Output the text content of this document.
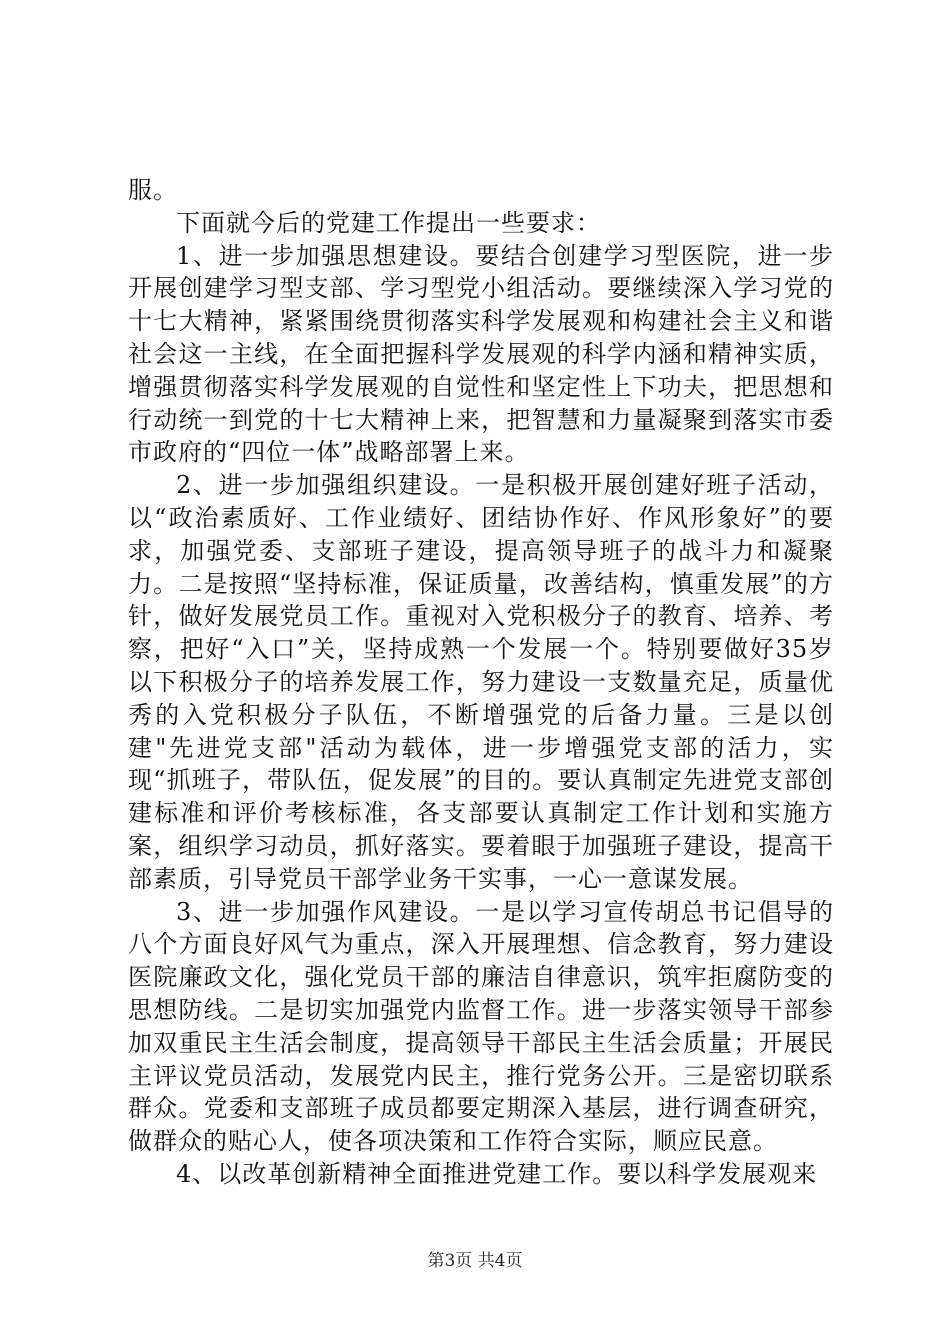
服。

下面就今后的党建工作提出一些要求：

1、进一步加强思想建设。要结合创建学习型医院，进一步开展创建学习型支部、学习型党小组活动。要继续深入学习党的十七大精神，紧紧围绕贯彻落实科学发展观和构建社会主义和谐社会这一主线，在全面把握科学发展观的科学内涵和精神实质，增强贯彻落实科学发展观的自觉性和坚定性上下功夫，把思想和行动统一到党的十七大精神上来，把智慧和力量凝聚到落实市委市政府的“四位一体”战略部署上来。

2、进一步加强组织建设。一是积极开展创建好班子活动，以“政治素质好、工作业绩好、团结协作好、作风形象好”的要求，加强党委、支部班子建设，提高领导班子的战斗力和凝聚力。二是按照“坚持标准，保证质量，改善结构，慎重发展”的方针，做好发展党员工作。重视对入党积极分子的教育、培养、考察，把好“入口”关，坚持成熟一个发展一个。特别要做好35岁以下积极分子的培养发展工作，努力建设一支数量充足，质量优秀的入党积极分子队伍，不断增强党的后备力量。三是以创建"先进党支部"活动为载体，进一步增强党支部的活力，实现“抓班子，带队伍，促发展”的目的。要认真制定先进党支部创建标准和评价考核标准，各支部要认真制定工作计划和实施方案，组织学习动员，抓好落实。要着眼于加强班子建设，提高干部素质，引导党员干部学业务干实事，一心一意谋发展。

3、进一步加强作风建设。一是以学习宣传胡总书记倡导的八个方面良好风气为重点，深入开展理想、信念教育，努力建设医院廉政文化，强化党员干部的廉洁自律意识，筑牢拒腐防变的思想防线。二是切实加强党内监督工作。进一步落实领导干部参加双重民主生活会制度，提高领导干部民主生活会质量；开展民主评议党员活动，发展党内民主，推行党务公开。三是密切联系群众。党委和支部班子成员都要定期深入基层，进行调查研究，做群众的贴心人，使各项决策和工作符合实际，顺应民意。

4、以改革创新精神全面推进党建工作。要以科学发展观来

第3页 共4页
